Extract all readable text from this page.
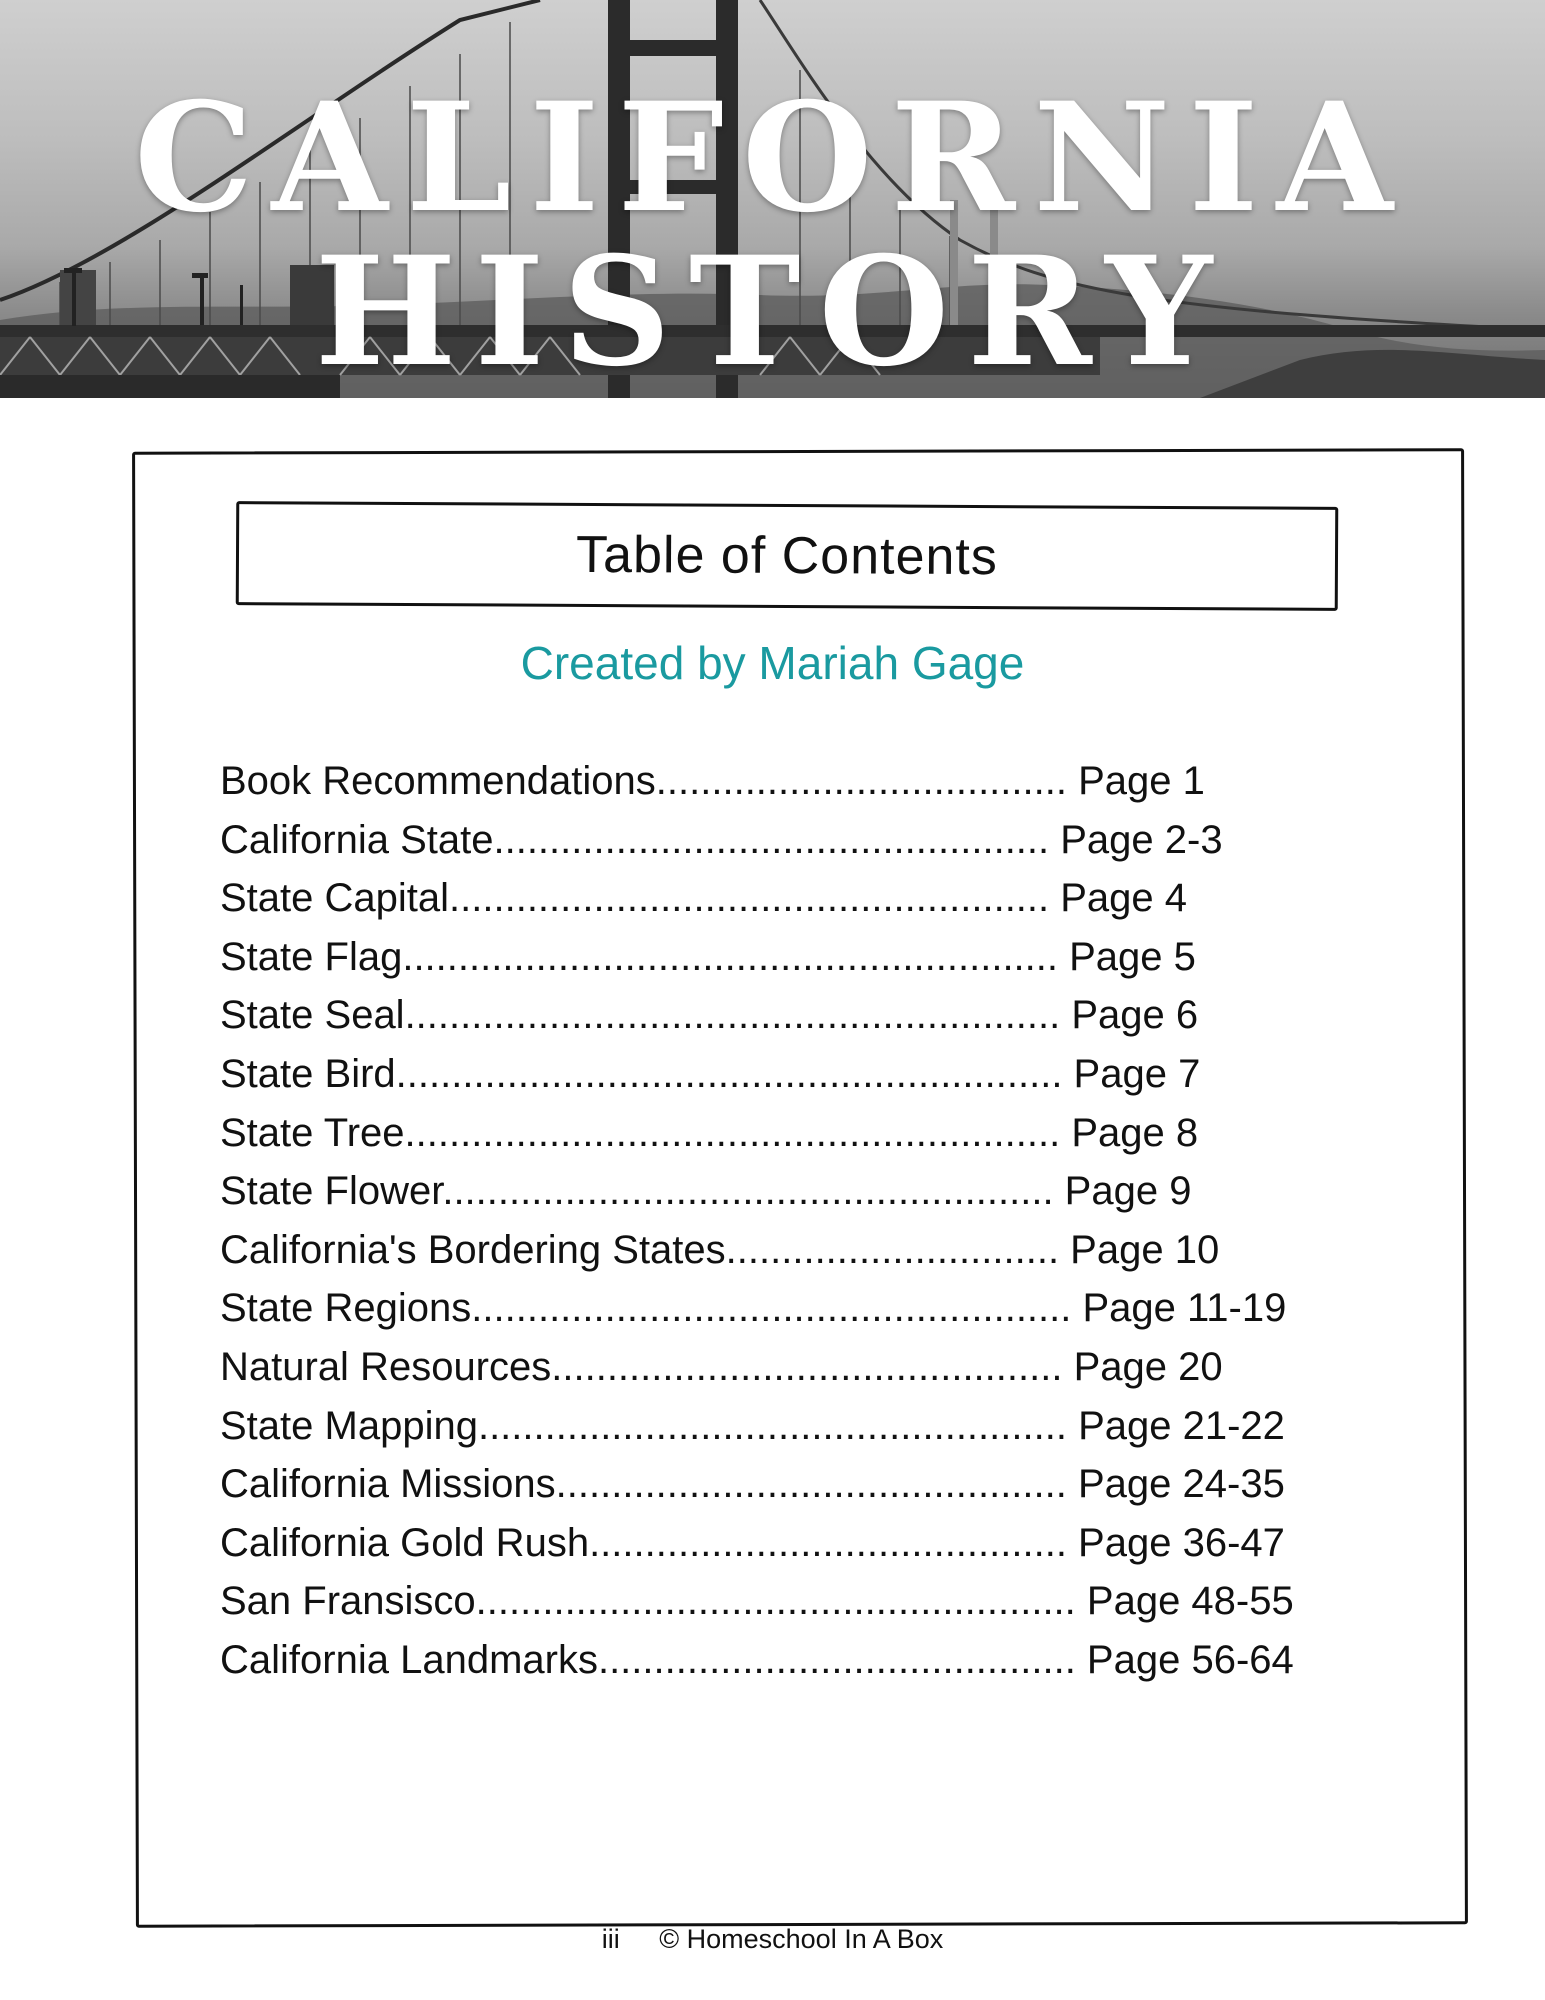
CALIFORNIA
HISTORY
Table of Contents
Created by Mariah Gage
Book Recommendations..................................... Page 1
California State.................................................. Page 2-3
State Capital...................................................... Page 4
State Flag........................................................... Page 5
State Seal........................................................... Page 6
State Bird............................................................ Page 7
State Tree........................................................... Page 8
State Flower....................................................... Page 9
California's Bordering States.............................. Page 10
State Regions...................................................... Page 11-19
Natural Resources.............................................. Page 20
State Mapping..................................................... Page 21-22
California Missions.............................................. Page 24-35
California Gold Rush........................................... Page 36-47
San Fransisco...................................................... Page 48-55
California Landmarks........................................... Page 56-64
iii © Homeschool In A Box
